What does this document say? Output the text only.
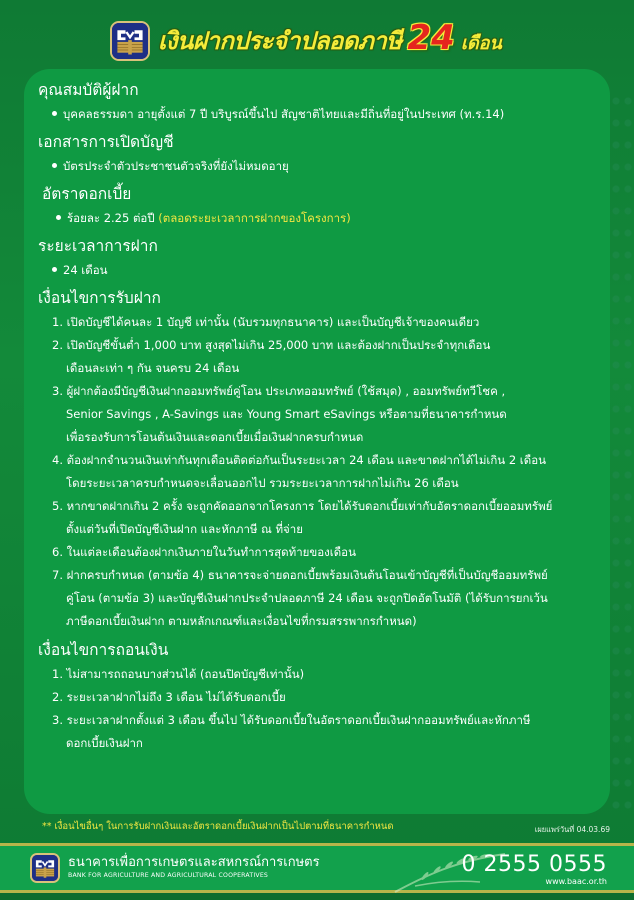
เงินฝากประจำปลอดภาษี 24 เดือน
คุณสมบัติผู้ฝาก
บุคคลธรรมดา อายุตั้งแต่ 7 ปี บริบูรณ์ขึ้นไป สัญชาติไทยและมีถิ่นที่อยู่ในประเทศ (ท.ร.14)
เอกสารการเปิดบัญชี
บัตรประจำตัวประชาชนตัวจริงที่ยังไม่หมดอายุ
อัตราดอกเบี้ย
ร้อยละ 2.25 ต่อปี (ตลอดระยะเวลาการฝากของโครงการ)
ระยะเวลาการฝาก
24 เดือน
เงื่อนไขการรับฝาก
1. เปิดบัญชีได้คนละ 1 บัญชี เท่านั้น (นับรวมทุกธนาคาร) และเป็นบัญชีเจ้าของคนเดียว
2. เปิดบัญชีขั้นต่ำ 1,000 บาท สูงสุดไม่เกิน 25,000 บาท และต้องฝากเป็นประจำทุกเดือน
เดือนละเท่า ๆ กัน จนครบ 24 เดือน
3. ผู้ฝากต้องมีบัญชีเงินฝากออมทรัพย์คู่โอน ประเภทออมทรัพย์ (ใช้สมุด) , ออมทรัพย์ทวีโชค ,
Senior Savings , A-Savings และ Young Smart eSavings หรือตามที่ธนาคารกำหนด
เพื่อรองรับการโอนต้นเงินและดอกเบี้ยเมื่อเงินฝากครบกำหนด
4. ต้องฝากจำนวนเงินเท่ากันทุกเดือนติดต่อกันเป็นระยะเวลา 24 เดือน และขาดฝากได้ไม่เกิน 2 เดือน
โดยระยะเวลาครบกำหนดจะเลื่อนออกไป รวมระยะเวลาการฝากไม่เกิน 26 เดือน
5. หากขาดฝากเกิน 2 ครั้ง จะถูกคัดออกจากโครงการ โดยได้รับดอกเบี้ยเท่ากับอัตราดอกเบี้ยออมทรัพย์
ตั้งแต่วันที่เปิดบัญชีเงินฝาก และหักภาษี ณ ที่จ่าย
6. ในแต่ละเดือนต้องฝากเงินภายในวันทำการสุดท้ายของเดือน
7. ฝากครบกำหนด (ตามข้อ 4) ธนาคารจะจ่ายดอกเบี้ยพร้อมเงินต้นโอนเข้าบัญชีที่เป็นบัญชีออมทรัพย์
คู่โอน (ตามข้อ 3) และบัญชีเงินฝากประจำปลอดภาษี 24 เดือน จะถูกปิดอัตโนมัติ (ได้รับการยกเว้น
ภาษีดอกเบี้ยเงินฝาก ตามหลักเกณฑ์และเงื่อนไขที่กรมสรรพากรกำหนด)
เงื่อนไขการถอนเงิน
1. ไม่สามารถถอนบางส่วนได้ (ถอนปิดบัญชีเท่านั้น)
2. ระยะเวลาฝากไม่ถึง 3 เดือน ไม่ได้รับดอกเบี้ย
3. ระยะเวลาฝากตั้งแต่ 3 เดือน ขึ้นไป ได้รับดอกเบี้ยในอัตราดอกเบี้ยเงินฝากออมทรัพย์และหักภาษี
ดอกเบี้ยเงินฝาก
** เงื่อนไขอื่นๆ ในการรับฝากเงินและอัตราดอกเบี้ยเงินฝากเป็นไปตามที่ธนาคารกำหนด	เผยแพร่วันที่ 04.03.69
ธนาคารเพื่อการเกษตรและสหกรณ์การเกษตร
BANK FOR AGRICULTURE AND AGRICULTURAL COOPERATIVES	0 2555 0555
www.baac.or.th
